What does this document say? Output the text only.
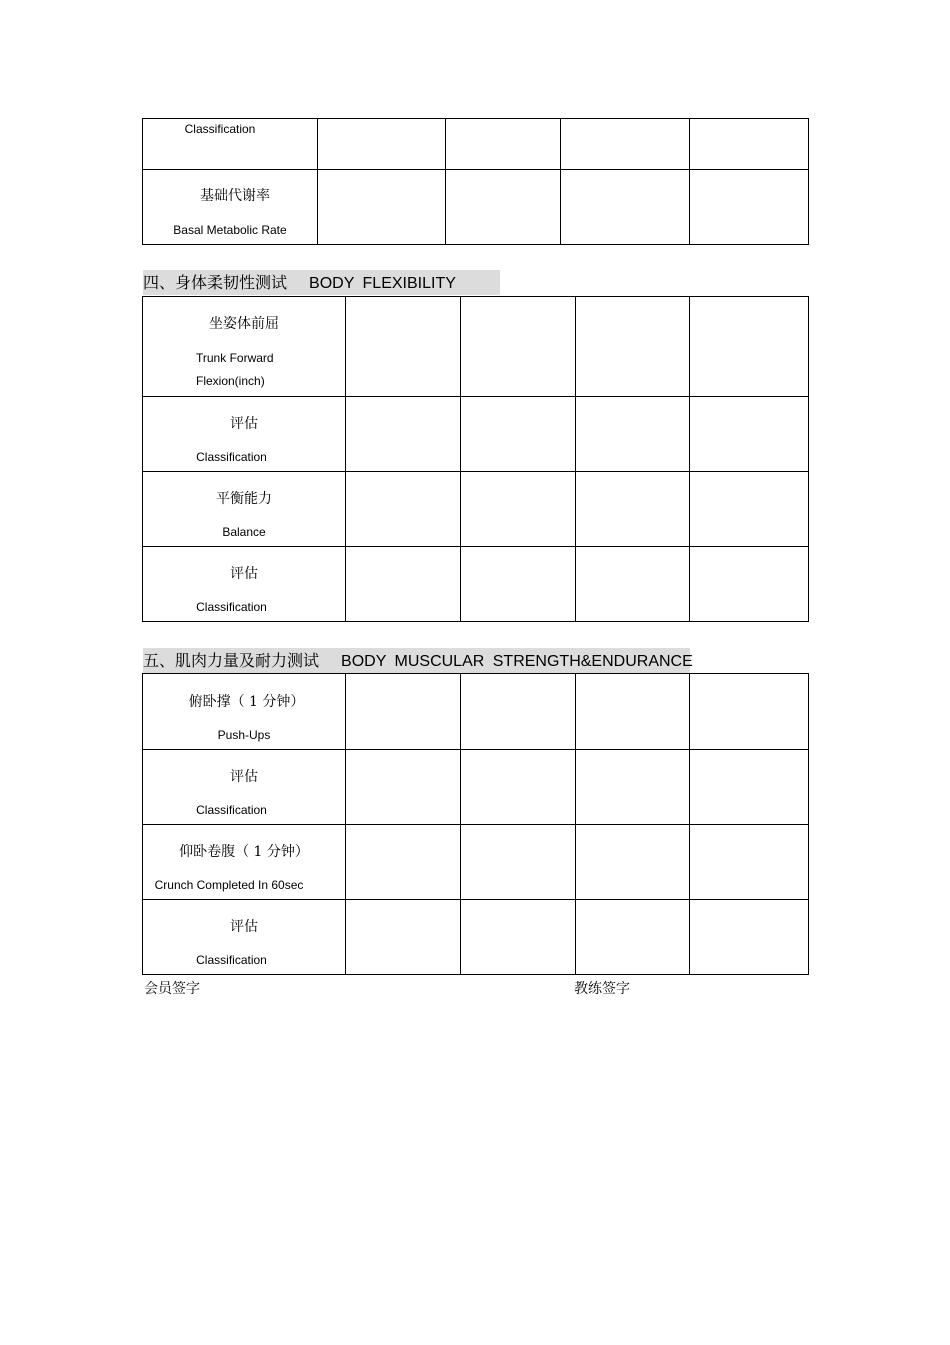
Classification				

基础代谢率
Basal Metabolic Rate				

四、身体柔韧性测试 BODY FLEXIBILITY
坐姿体前屈
Trunk Forward
Flexion(inch)				

评估
Classification				

平衡能力
Balance				

评估
Classification				

五、肌肉力量及耐力测试 BODY MUSCULAR STRENGTH&ENDURANCE
俯卧撑（ 1 分钟）
Push-Ups				

评估
Classification				

仰卧卷腹（ 1 分钟）
Crunch Completed In 60sec				

评估
Classification				

会员签字	教练签字
